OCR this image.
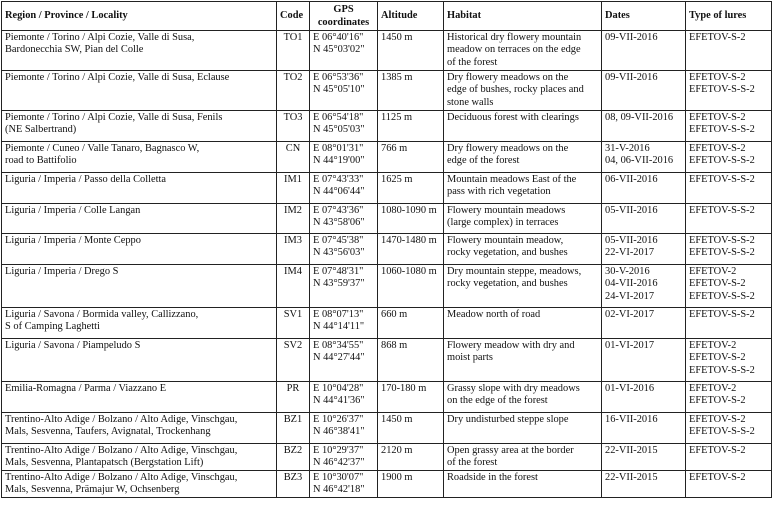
Region / Province / Locality	Code	GPS coordinates	Altitude	Habitat	Dates	Type of lures

Piemonte / Torino / Alpi Cozie, Valle di Susa,
Bardonecchia SW, Pian del Colle	TO1	E 06°40'16"
N 45°03'02"	1450 m	Historical dry flowery mountain
meadow on terraces on the edge
of the forest	09-VII-2016	EFETOV-S-2

Piemonte / Torino / Alpi Cozie, Valle di Susa, Eclause	TO2	E 06°53'36"
N 45°05'10"	1385 m	Dry flowery meadows on the
edge of bushes, rocky places and
stone walls	09-VII-2016	EFETOV-S-2
EFETOV-S-S-2

Piemonte / Torino / Alpi Cozie, Valle di Susa, Fenils
(NE Salbertrand)	TO3	E 06°54'18"
N 45°05'03"	1125 m	Deciduous forest with clearings	08, 09-VII-2016	EFETOV-S-2
EFETOV-S-S-2

Piemonte / Cuneo / Valle Tanaro, Bagnasco W,
road to Battifolio	CN	E 08°01'31"
N 44°19'00"	766 m	Dry flowery meadows on the
edge of the forest	31-V-2016
04, 06-VII-2016	EFETOV-S-2
EFETOV-S-S-2

Liguria / Imperia / Passo della Colletta	IM1	E 07°43'33"
N 44°06'44"	1625 m	Mountain meadows East of the
pass with rich vegetation	06-VII-2016	EFETOV-S-S-2

Liguria / Imperia / Colle Langan	IM2	E 07°43'36"
N 43°58'06"	1080-1090 m	Flowery mountain meadows
(large complex) in terraces	05-VII-2016	EFETOV-S-S-2

Liguria / Imperia / Monte Ceppo	IM3	E 07°45'38"
N 43°56'03"	1470-1480 m	Flowery mountain meadow,
rocky vegetation, and bushes	05-VII-2016
22-VI-2017	EFETOV-S-S-2
EFETOV-S-S-2

Liguria / Imperia / Drego S	IM4	E 07°48'31"
N 43°59'37"	1060-1080 m	Dry mountain steppe, meadows,
rocky vegetation, and bushes	30-V-2016
04-VII-2016
24-VI-2017	EFETOV-2
EFETOV-S-2
EFETOV-S-S-2

Liguria / Savona / Bormida valley, Callizzano,
S of Camping Laghetti	SV1	E 08°07'13"
N 44°14'11"	660 m	Meadow north of road	02-VI-2017	EFETOV-S-S-2

Liguria / Savona / Piampeludo S	SV2	E 08°34'55"
N 44°27'44"	868 m	Flowery meadow with dry and
moist parts	01-VI-2017	EFETOV-2
EFETOV-S-2
EFETOV-S-S-2

Emilia-Romagna / Parma / Viazzano E	PR	E 10°04'28"
N 44°41'36"	170-180 m	Grassy slope with dry meadows
on the edge of the forest	01-VI-2016	EFETOV-2
EFETOV-S-2

Trentino-Alto Adige / Bolzano / Alto Adige, Vinschgau,
Mals, Sesvenna, Taufers, Avignatal, Trockenhang	BZ1	E 10°26'37"
N 46°38'41"	1450 m	Dry undisturbed steppe slope	16-VII-2016	EFETOV-S-2
EFETOV-S-S-2

Trentino-Alto Adige / Bolzano / Alto Adige, Vinschgau,
Mals, Sesvenna, Plantapatsch (Bergstation Lift)	BZ2	E 10°29'37"
N 46°42'37"	2120 m	Open grassy area at the border
of the forest	22-VII-2015	EFETOV-S-2

Trentino-Alto Adige / Bolzano / Alto Adige, Vinschgau,
Mals, Sesvenna, Prämajur W, Ochsenberg	BZ3	E 10°30'07"
N 46°42'18"	1900 m	Roadside in the forest	22-VII-2015	EFETOV-S-2
